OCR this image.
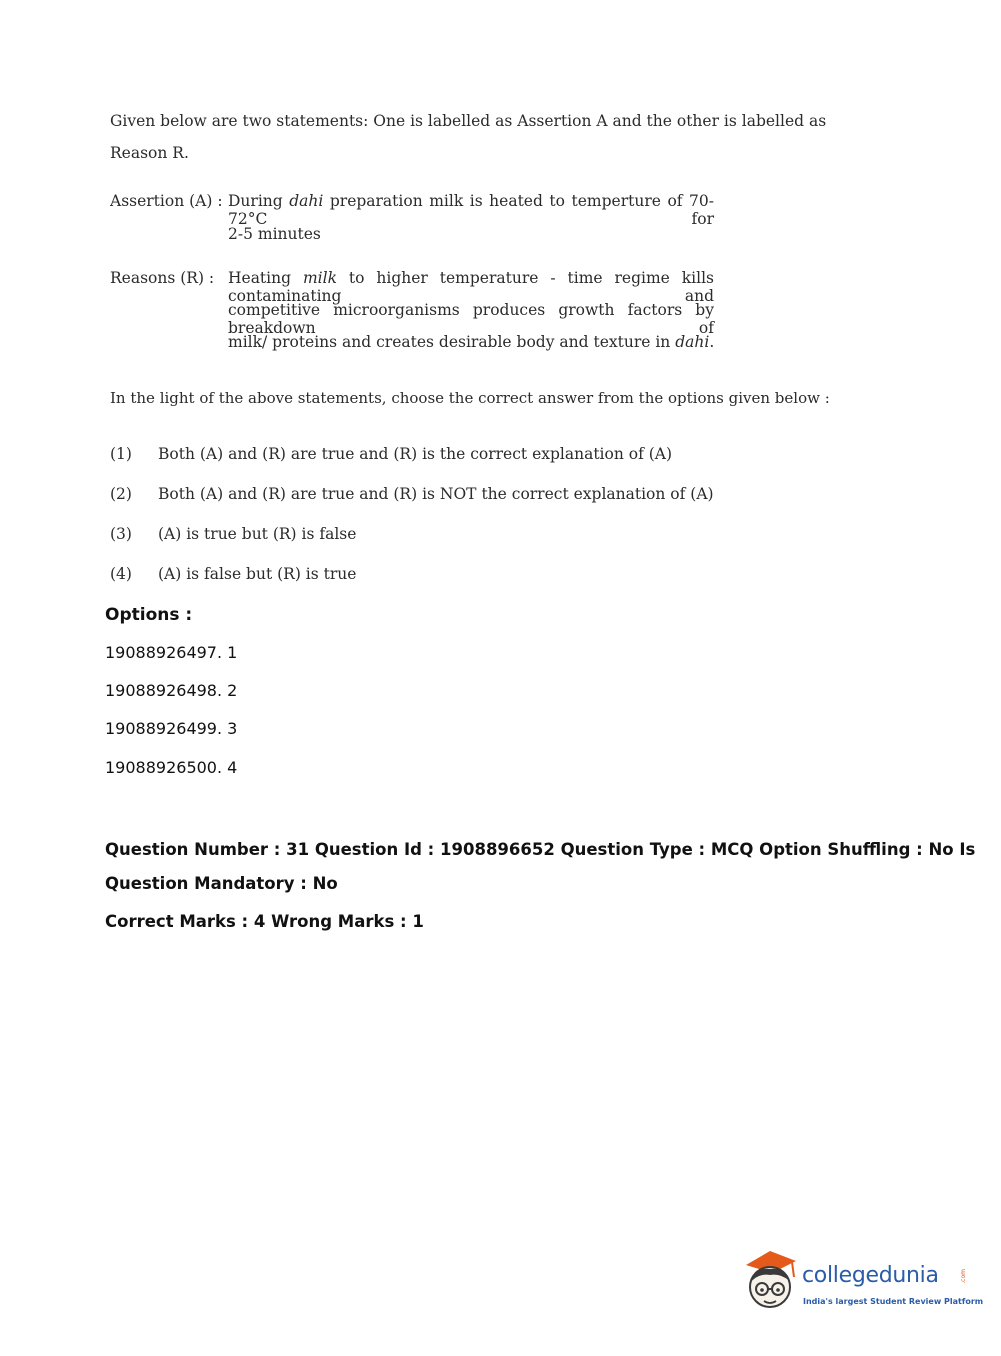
Given below are two statements: One is labelled as Assertion A and the other is labelled as
Reason R.
Assertion (A) : During dahi preparation milk is heated to temperture of 70-72°C for
2-5 minutes
Reasons (R) : Heating milk to higher temperature - time regime kills contaminating and
competitive microorganisms produces growth factors by breakdown of
milk/ proteins and creates desirable body and texture in dahi.
In the light of the above statements, choose the correct answer from the options given below :
(1) Both (A) and (R) are true and (R) is the correct explanation of (A)
(2) Both (A) and (R) are true and (R) is NOT the correct explanation of (A)
(3) (A) is true but (R) is false
(4) (A) is false but (R) is true
Options :
19088926497. 1
19088926498. 2
19088926499. 3
19088926500. 4
Question Number : 31 Question Id : 1908896652 Question Type : MCQ Option Shuffling : No Is
Question Mandatory : No
Correct Marks : 4 Wrong Marks : 1
collegedunia	.com
India's largest Student Review Platform
